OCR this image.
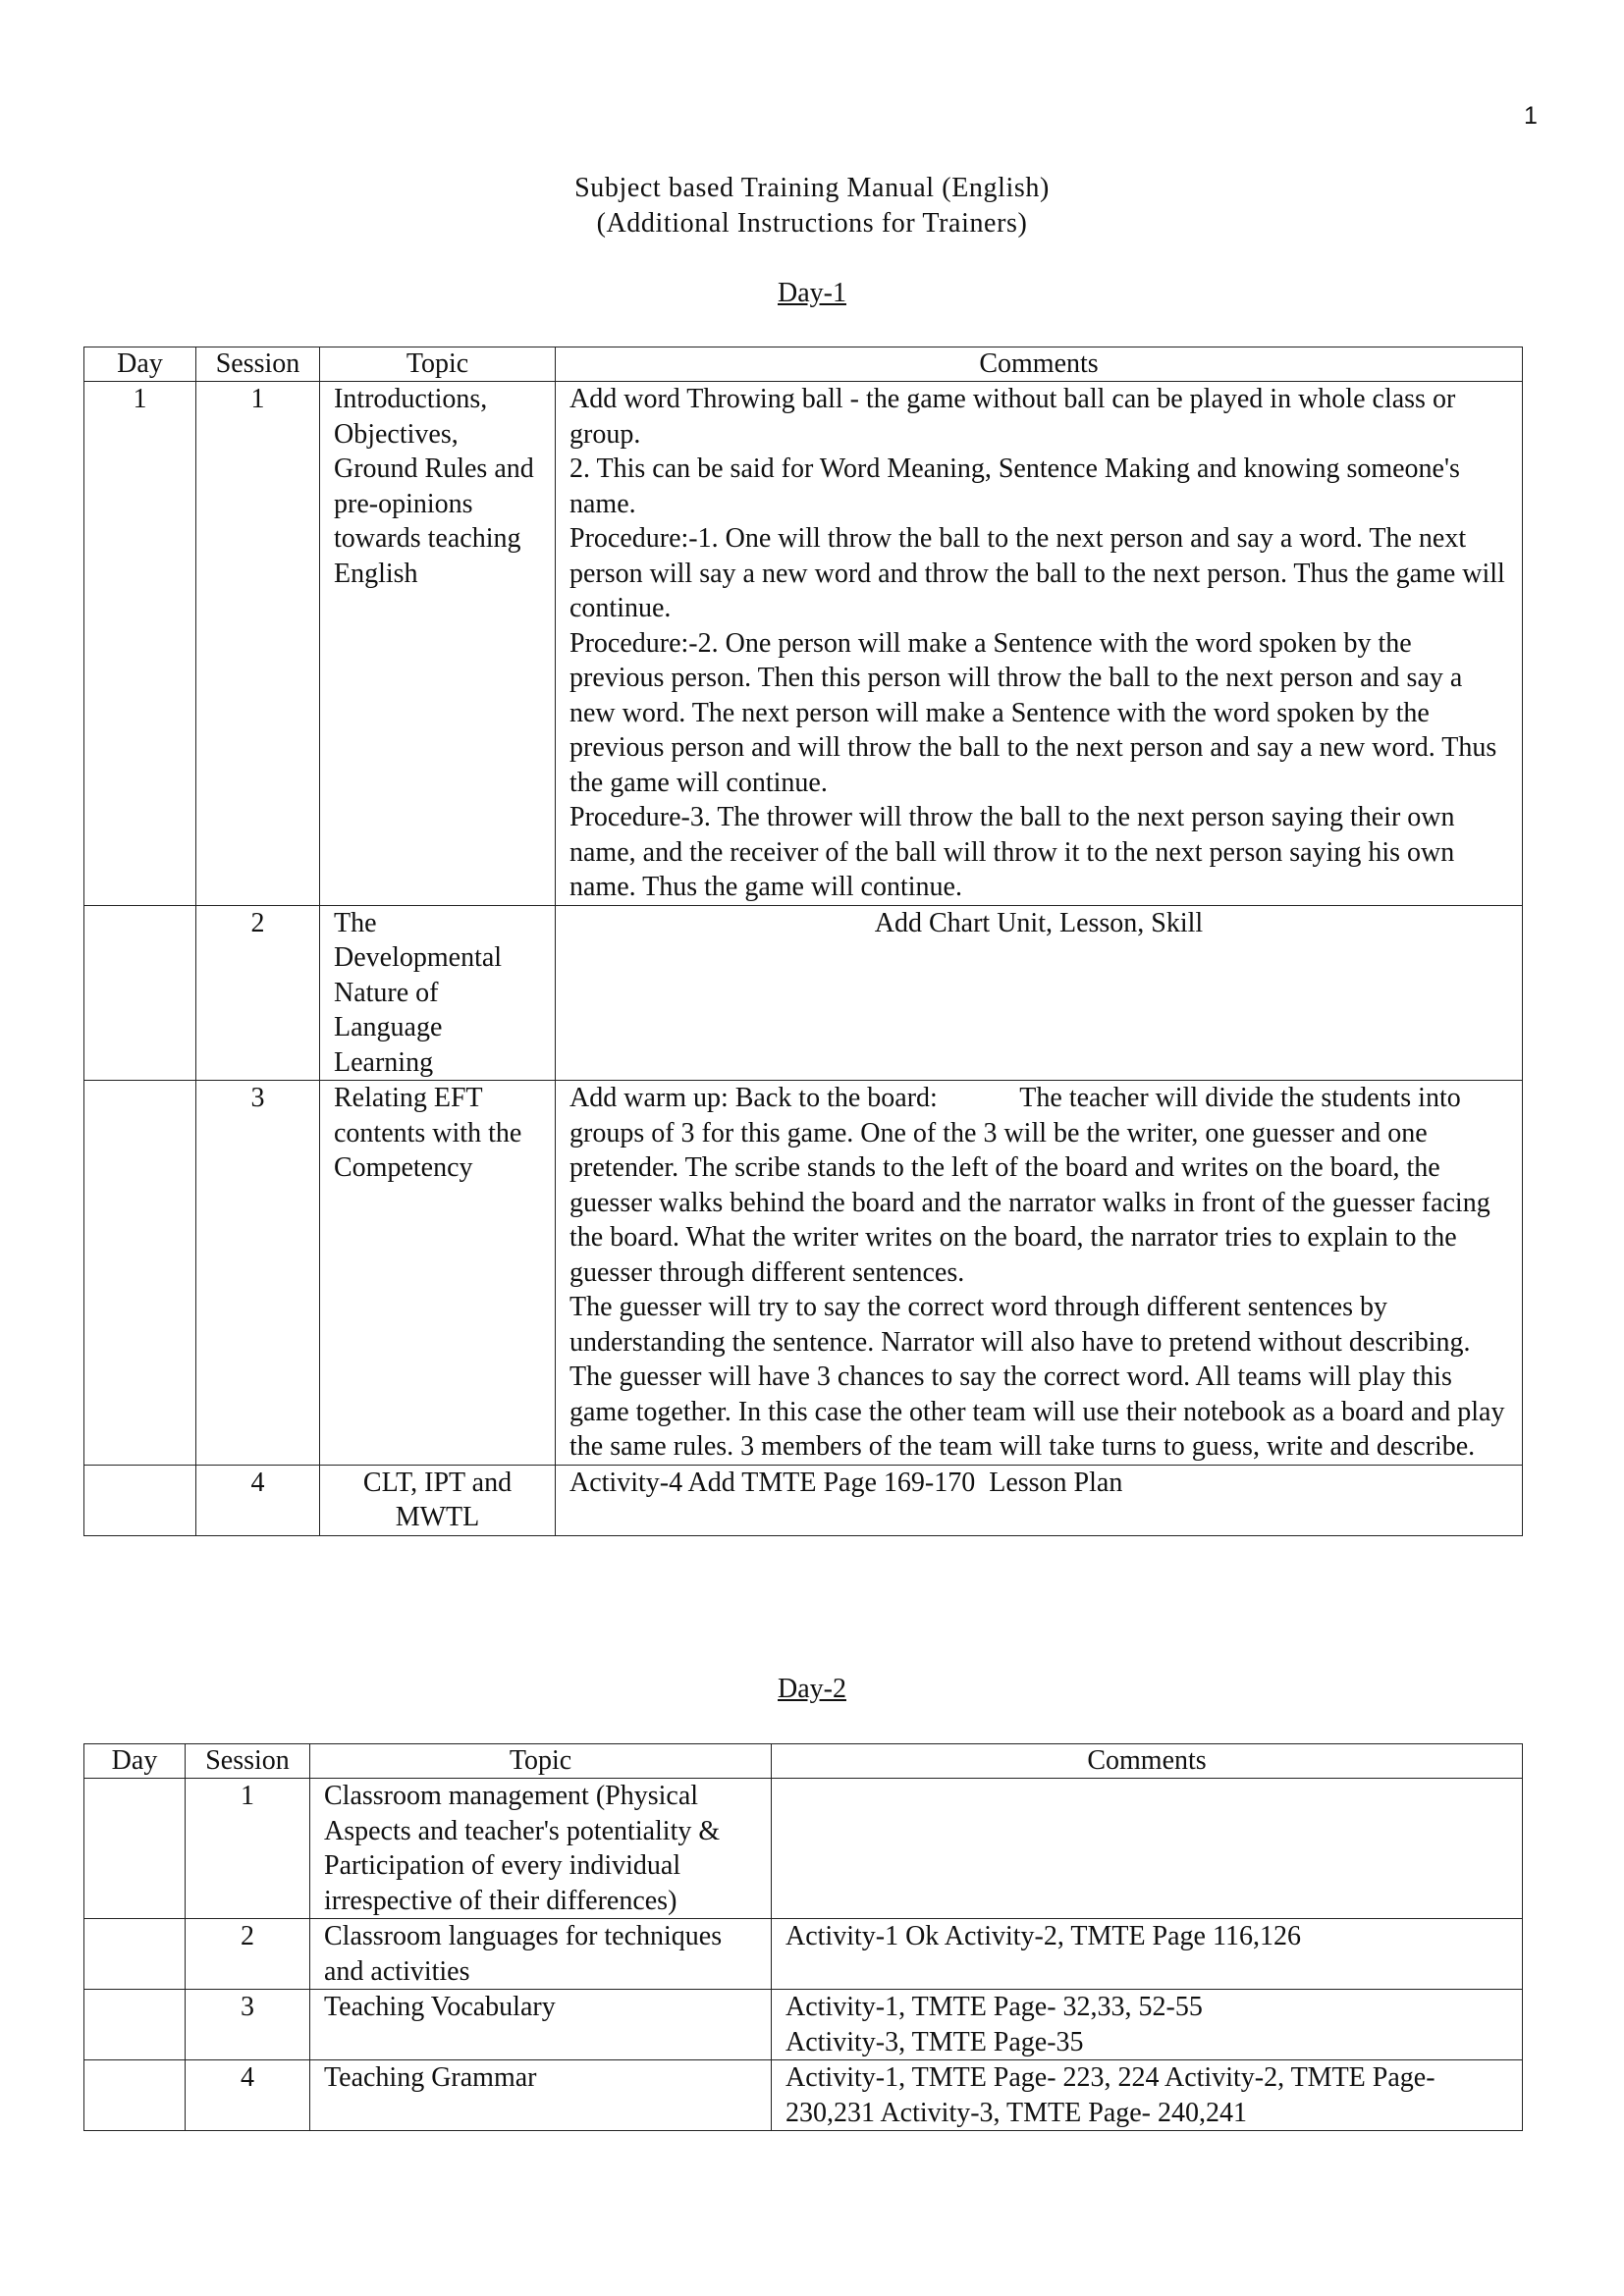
1
Subject based Training Manual (English)
(Additional Instructions for Trainers)
Day-1
Day	Session	Topic	Comments
1	1	Introductions, Objectives, Ground Rules and pre-opinions towards teaching English	Add word Throwing ball - the game without ball can be played in whole class or group.
2. This can be said for Word Meaning, Sentence Making and knowing someone's name.
Procedure:-1. One will throw the ball to the next person and say a word. The next person will say a new word and throw the ball to the next person. Thus the game will continue.
Procedure:-2. One person will make a Sentence with the word spoken by the previous person. Then this person will throw the ball to the next person and say a new word. The next person will make a Sentence with the word spoken by the previous person and will throw the ball to the next person and say a new word. Thus the game will continue.
Procedure-3. The thrower will throw the ball to the next person saying their own name, and the receiver of the ball will throw it to the next person saying his own name. Thus the game will continue.
	2	The Developmental Nature of Language Learning	Add Chart Unit, Lesson, Skill
	3	Relating EFT contents with the Competency	Add warm up: Back to the board:            The teacher will divide the students into groups of 3 for this game. One of the 3 will be the writer, one guesser and one pretender. The scribe stands to the left of the board and writes on the board, the guesser walks behind the board and the narrator walks in front of the guesser facing the board. What the writer writes on the board, the narrator tries to explain to the guesser through different sentences.
The guesser will try to say the correct word through different sentences by understanding the sentence. Narrator will also have to pretend without describing. The guesser will have 3 chances to say the correct word. All teams will play this game together. In this case the other team will use their notebook as a board and play the same rules. 3 members of the team will take turns to guess, write and describe.
	4	CLT, IPT and MWTL	Activity-4 Add TMTE Page 169-170  Lesson Plan
Day-2
Day	Session	Topic	Comments
	1	Classroom management (Physical Aspects and teacher's potentiality & Participation of every individual irrespective of their differences)	
	2	Classroom languages for techniques and activities	Activity-1 Ok Activity-2, TMTE Page 116,126
	3	Teaching Vocabulary	Activity-1, TMTE Page- 32,33, 52-55
Activity-3, TMTE Page-35
	4	Teaching Grammar	Activity-1, TMTE Page- 223, 224 Activity-2, TMTE Page- 230,231 Activity-3, TMTE Page- 240,241
